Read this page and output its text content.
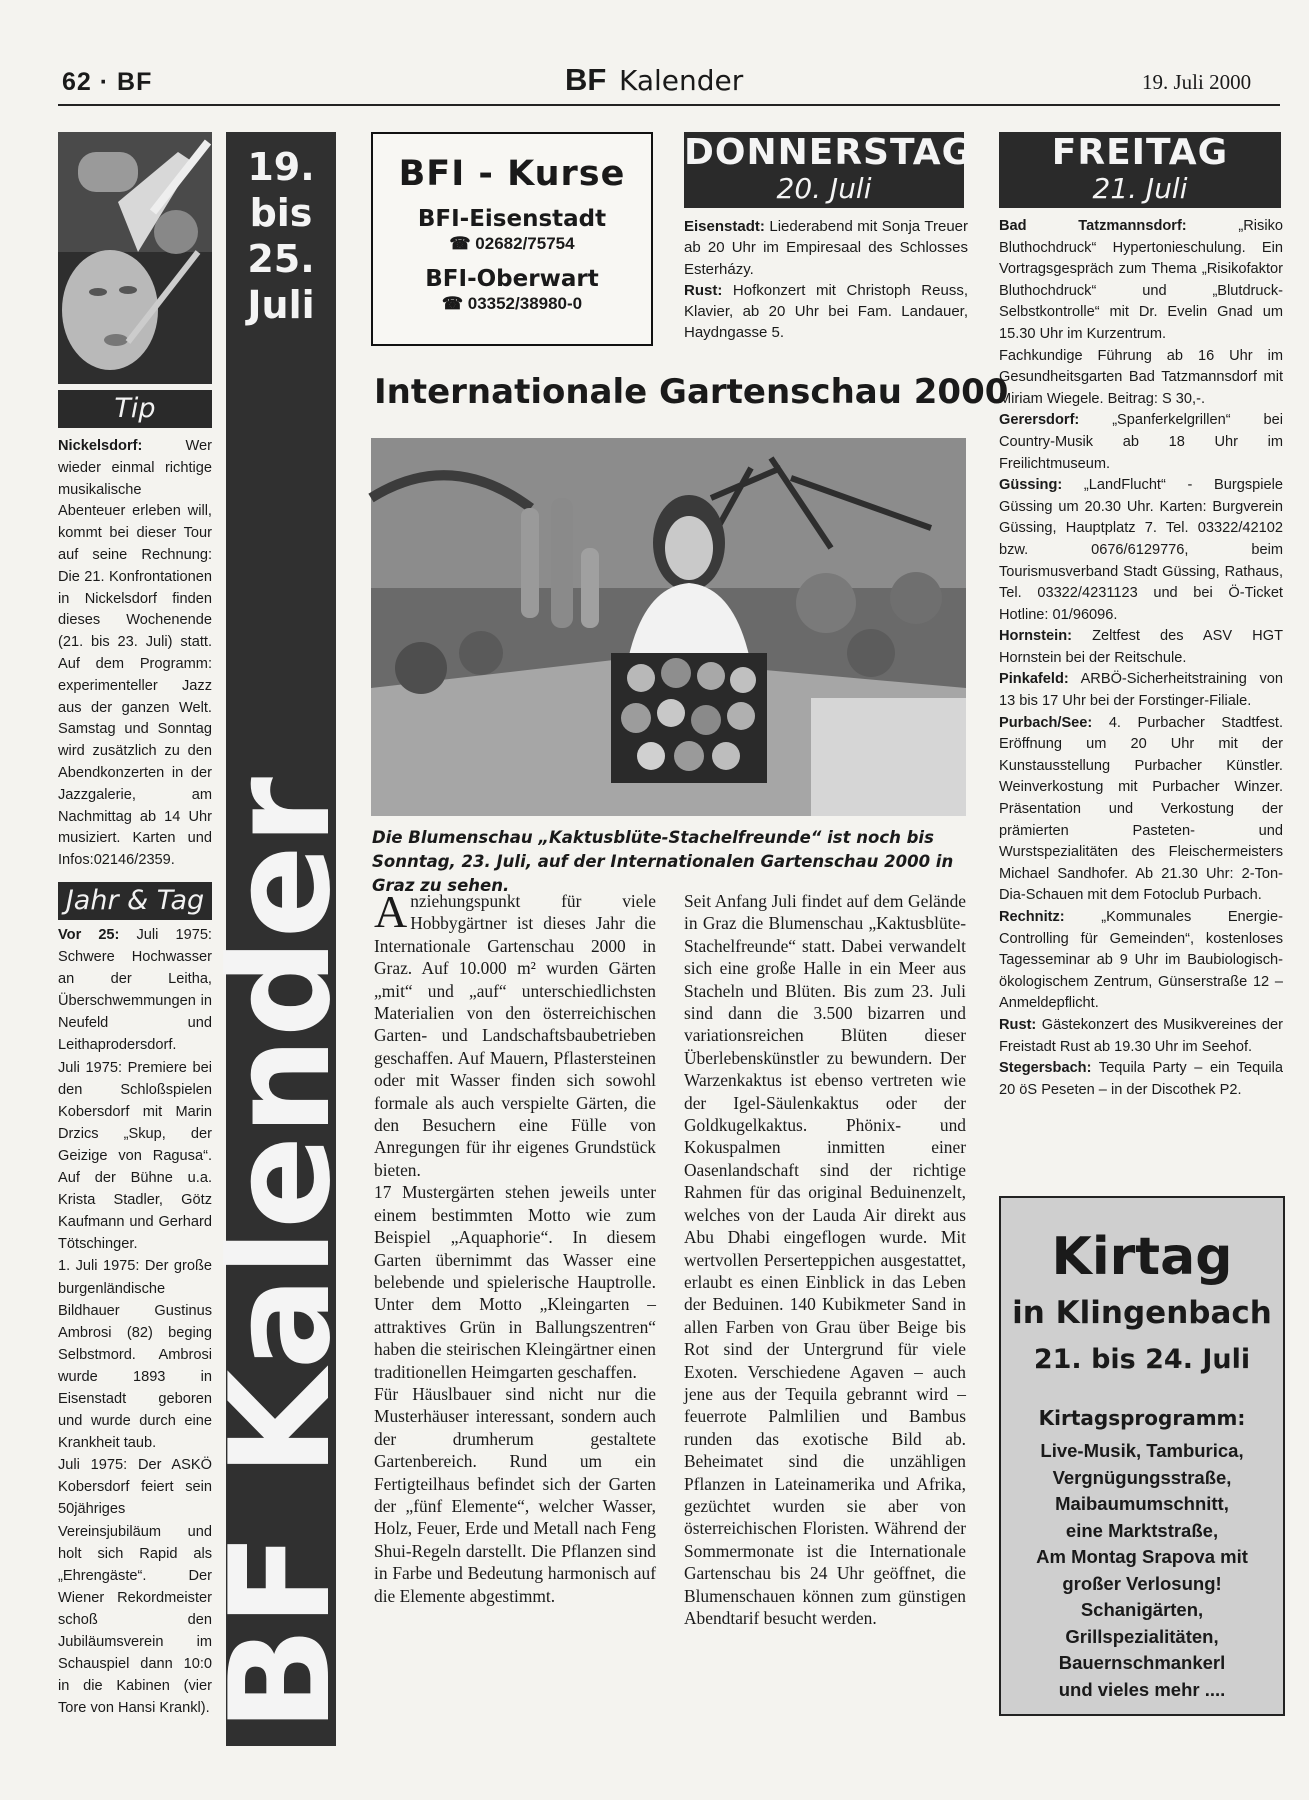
62 · BF	BF Kalender	19. Juli 2000
Tip
Nickelsdorf:	Wer wieder einmal richtige musikalische Abenteuer erleben will, kommt bei dieser Tour auf seine Rechnung: Die 21. Konfrontationen in Nickelsdorf finden dieses Wochenende (21. bis 23. Juli) statt. Auf dem Programm: experimenteller Jazz aus der ganzen Welt. Samstag und Sonntag wird zusätzlich zu den Abendkonzerten in der Jazzgalerie, am Nachmittag ab 14 Uhr musiziert. Karten und Infos:02146/2359.
Jahr & Tag

Vor 25: Juli 1975: Schwere Hochwasser an der Leitha, Überschwemmungen in Neufeld und Leithaprodersdorf.

Juli 1975: Premiere bei den Schloßspielen Kobersdorf mit Marin Drzics „Skup, der Geizige von Ragusa“. Auf der Bühne u.a. Krista Stadler, Götz Kaufmann und Gerhard Tötschinger.

1. Juli 1975: Der große burgenländische Bildhauer Gustinus Ambrosi (82) beging Selbstmord. Ambrosi wurde 1893 in Eisenstadt geboren und wurde durch eine Krankheit taub.

Juli 1975: Der ASKÖ Kobersdorf feiert sein 50jähriges Vereinsjubiläum und holt sich Rapid als „Ehrengäste“. Der Wiener Rekordmeister schoß den Jubiläumsverein im Schauspiel dann 10:0 in die Kabinen (vier Tore von Hansi Krankl).

19.
bis
25.
Juli
BFKalender
BFI - Kurse
BFI-Eisenstadt
☎ 02682/75754
BFI-Oberwart
☎ 03352/38980-0
DONNERSTAG
20. Juli

Eisenstadt: Liederabend mit Sonja Treuer ab 20 Uhr im Empiresaal des Schlosses Esterházy.

Rust: Hofkonzert mit Christoph Reuss, Klavier, ab 20 Uhr bei Fam. Landauer, Haydngasse 5.

FREITAG
21. Juli

Bad Tatzmannsdorf:	„Risiko Bluthochdruck“ Hypertonieschulung. Ein Vortragsgespräch zum Thema „Risikofaktor Bluthochdruck“ und „Blutdruck-Selbstkontrolle“ mit Dr. Evelin Gnad um 15.30 Uhr im Kurzentrum.

Fachkundige Führung ab 16 Uhr im Gesundheitsgarten Bad Tatzmannsdorf mit Miriam Wiegele. Beitrag: S 30,-.

Gerersdorf: „Spanferkelgrillen“ bei Country-Musik ab 18 Uhr im Freilichtmuseum.

Güssing: „LandFlucht“ - Burgspiele Güssing um 20.30 Uhr. Karten: Burgverein Güssing, Hauptplatz 7. Tel. 03322/42102 bzw. 0676/6129776, beim Tourismusverband Stadt Güssing, Rathaus, Tel. 03322/4231123 und bei Ö-Ticket Hotline: 01/96096.

Hornstein: Zeltfest des ASV HGT Hornstein bei der Reitschule.

Pinkafeld: ARBÖ-Sicherheitstraining von 13 bis 17 Uhr bei der Forstinger-Filiale.

Purbach/See: 4. Purbacher Stadtfest. Eröffnung um 20 Uhr mit der Kunstausstellung Purbacher Künstler. Weinverkostung mit Purbacher Winzer. Präsentation und Verkostung der prämierten Pasteten- und Wurstspezialitäten des Fleischermeisters Michael Sandhofer. Ab 21.30 Uhr: 2-Ton-Dia-Schauen mit dem Fotoclub Purbach.

Rechnitz:	„Kommunales Energie-Controlling für Gemeinden“, kostenloses Tagesseminar ab 9 Uhr im Baubiologisch-ökologischem Zentrum, Günserstraße 12 – Anmeldepflicht.

Rust: Gästekonzert des Musikvereines der Freistadt Rust ab 19.30 Uhr im Seehof.

Stegersbach: Tequila Party – ein Tequila 20 öS Peseten – in der Discothek P2.

Internationale Gartenschau 2000
Die Blumenschau „Kaktusblüte-Stachelfreunde“ ist noch bis Sonntag, 23. Juli, auf der Internationalen Gartenschau 2000 in Graz zu sehen.

Anziehungspunkt für viele Hobbygärtner ist dieses Jahr die Internationale Gartenschau 2000 in Graz. Auf 10.000 m² wurden Gärten „mit“ und „auf“ unterschiedlichsten Materialien von den österreichischen Garten- und Landschaftsbaubetrieben geschaffen. Auf Mauern, Pflastersteinen oder mit Wasser finden sich sowohl formale als auch verspielte Gärten, die den Besuchern eine Fülle von Anregungen für ihr eigenes Grundstück bieten.

17 Mustergärten stehen jeweils unter einem bestimmten Motto wie zum Beispiel „Aquaphorie“. In diesem Garten übernimmt das Wasser eine belebende und spielerische Hauptrolle. Unter dem Motto „Kleingarten – attraktives Grün in Ballungszentren“ haben die steirischen Kleingärtner einen traditionellen Heimgarten geschaffen.

Für Häuslbauer sind nicht nur die Musterhäuser interessant, sondern auch der drumherum gestaltete Gartenbereich. Rund um ein Fertigteilhaus befindet sich der Garten der „fünf Elemente“, welcher Wasser, Holz, Feuer, Erde und Metall nach Feng Shui-Regeln darstellt. Die Pflanzen sind in Farbe und Bedeutung harmonisch auf die Elemente abgestimmt.

Seit Anfang Juli findet auf dem Gelände in Graz die Blumenschau „Kaktusblüte-Stachelfreunde“ statt. Dabei verwandelt sich eine große Halle in ein Meer aus Stacheln und Blüten. Bis zum 23. Juli sind dann die 3.500 bizarren und variationsreichen Blüten dieser Überlebenskünstler zu bewundern. Der Warzenkaktus ist ebenso vertreten wie der Igel-Säulenkaktus oder der Goldkugelkaktus. Phönix- und Kokuspalmen inmitten einer Oasenlandschaft sind der richtige Rahmen für das original Beduinenzelt, welches von der Lauda Air direkt aus Abu Dhabi eingeflogen wurde. Mit wertvollen Perserteppichen ausgestattet, erlaubt es einen Einblick in das Leben der Beduinen. 140 Kubikmeter Sand in allen Farben von Grau über Beige bis Rot sind der Untergrund für viele Exoten. Verschiedene Agaven – auch jene aus der Tequila gebrannt wird – feuerrote Palmlilien und Bambus runden das exotische Bild ab. Beheimatet sind die unzähligen Pflanzen in Lateinamerika und Afrika, gezüchtet wurden sie aber von österreichischen Floristen. Während der Sommermonate ist die Internationale Gartenschau bis 24 Uhr geöffnet, die Blumenschauen können zum günstigen Abendtarif besucht werden.

Kirtag
in Klingenbach
21. bis 24. Juli
Kirtagsprogramm:
Live-Musik, Tamburica,
Vergnügungsstraße,
Maibaumumschnitt,
eine Marktstraße,
Am Montag Srapova mit
großer Verlosung!
Schanigärten,
Grillspezialitäten,
Bauernschmankerl
und vieles mehr ....
